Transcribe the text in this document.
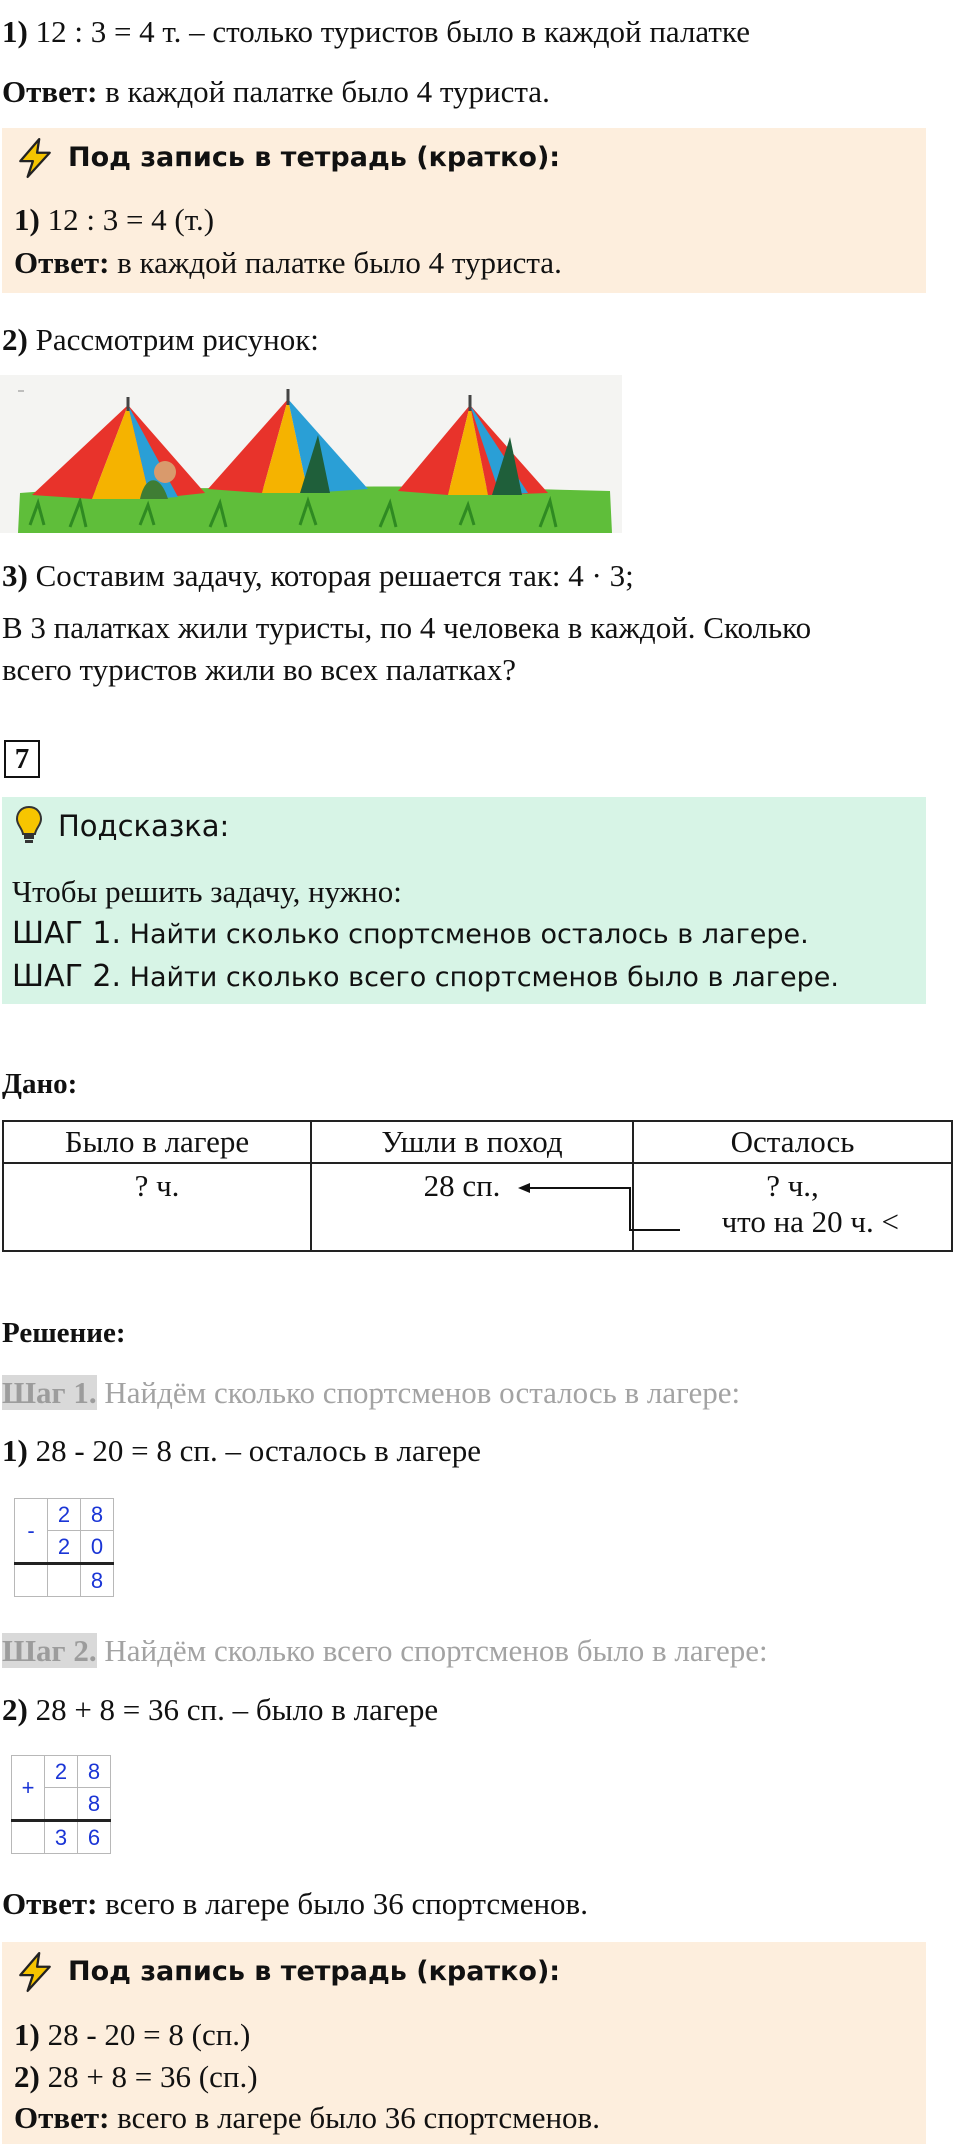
1) 12 : 3 = 4 т. – столько туристов было в каждой палатке
Ответ: в каждой палатке было 4 туриста.
Под запись в тетрадь (кратко):
1) 12 : 3 = 4 (т.)
Ответ: в каждой палатке было 4 туриста.
2) Рассмотрим рисунок:
3) Составим задачу, которая решается так: 4 · 3;
В 3 палатках жили туристы, по 4 человека в каждой. Сколько
всего туристов жили во всех палатках?
7
Подсказка:
Чтобы решить задачу, нужно:
ШАГ 1. Найти сколько спортсменов осталось в лагере.
ШАГ 2. Найти сколько всего спортсменов было в лагере.
Дано:
Было в лагере	Ушли в поход	Осталось
? ч.	28 сп.	? ч.,
что на 20 ч. <
Решение:
Шаг 1. Найдём сколько спортсменов осталось в лагере:
1) 28 - 20 = 8 сп. – осталось в лагере
-	2	8
	2	0
		8
Шаг 2. Найдём сколько всего спортсменов было в лагере:
2) 28 + 8 = 36 сп. – было в лагере
+	2	8
		8
	3	6
Ответ: всего в лагере было 36 спортсменов.
Под запись в тетрадь (кратко):
1) 28 - 20 = 8 (сп.)
2) 28 + 8 = 36 (сп.)
Ответ: всего в лагере было 36 спортсменов.
